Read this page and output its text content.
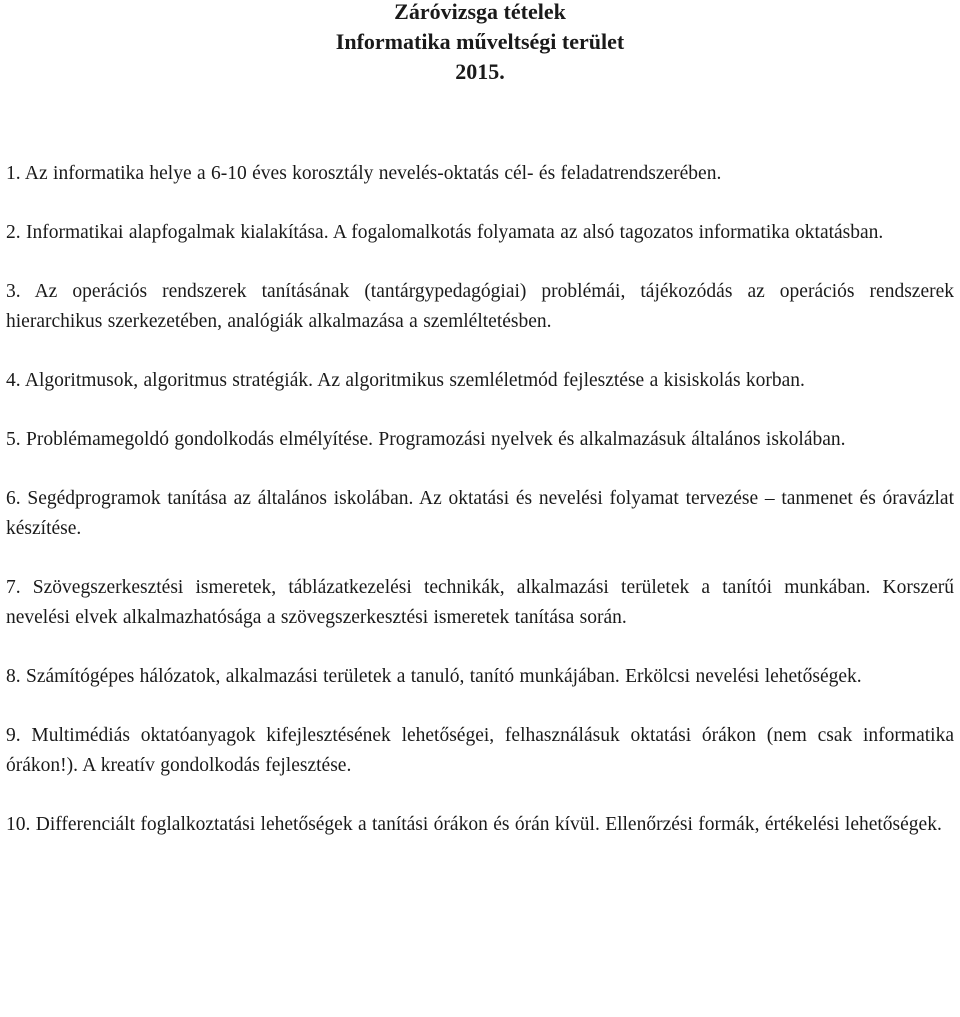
Záróvizsga tételek
Informatika műveltségi terület
2015.

1. Az informatika helye a 6-10 éves korosztály nevelés-oktatás cél- és feladatrendszerében.

2. Informatikai alapfogalmak kialakítása. A fogalomalkotás folyamata az alsó tagozatos informatika oktatásban.

3. Az operációs rendszerek tanításának (tantárgypedagógiai) problémái, tájékozódás az operációs rendszerek hierarchikus szerkezetében, analógiák alkalmazása a szemléltetésben.

4. Algoritmusok, algoritmus stratégiák. Az algoritmikus szemléletmód fejlesztése a kisiskolás korban.

5. Problémamegoldó gondolkodás elmélyítése. Programozási nyelvek és alkalmazásuk általános iskolában.

6. Segédprogramok tanítása az általános iskolában. Az oktatási és nevelési folyamat tervezése – tanmenet és óravázlat készítése.

7. Szövegszerkesztési ismeretek, táblázatkezelési technikák, alkalmazási területek a tanítói munkában. Korszerű nevelési elvek alkalmazhatósága a szövegszerkesztési ismeretek tanítása során.

8. Számítógépes hálózatok, alkalmazási területek a tanuló, tanító munkájában. Erkölcsi nevelési lehetőségek.

9. Multimédiás oktatóanyagok kifejlesztésének lehetőségei, felhasználásuk oktatási órákon (nem csak informatika órákon!). A kreatív gondolkodás fejlesztése.

10. Differenciált foglalkoztatási lehetőségek a tanítási órákon és órán kívül. Ellenőrzési formák, értékelési lehetőségek.
